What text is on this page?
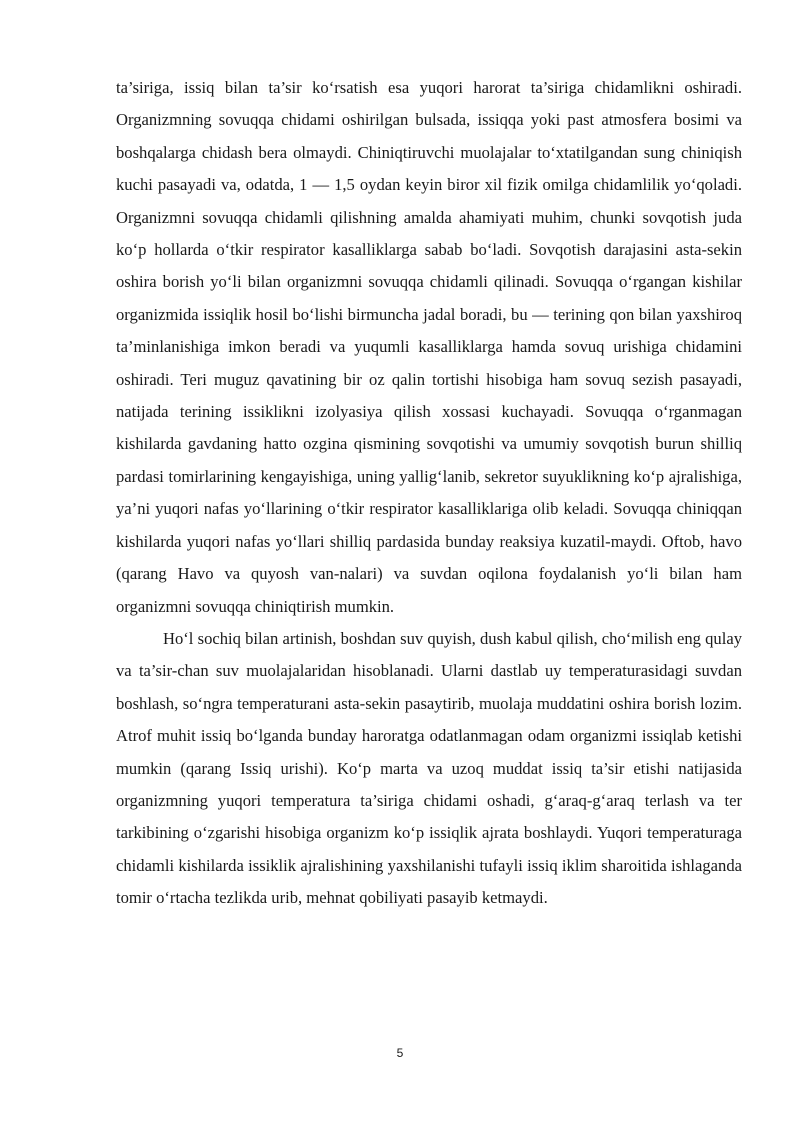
ta’siriga, issiq bilan ta’sir ko‘rsatish esa yuqori harorat ta’siriga chidamlikni oshiradi. Organizmning sovuqqa chidami oshirilgan bulsada, issiqqa yoki past atmosfera bosimi va boshqalarga chidash bera olmaydi. Chiniqtiruvchi muolajalar to‘xtatilgandan sung chiniqish kuchi pasayadi va, odatda, 1 — 1,5 oydan keyin biror xil fizik omilga chidamlilik yo‘qoladi. Organizmni sovuqqa chidamli qilishning amalda ahamiyati muhim, chunki sovqotish juda ko‘p hollarda o‘tkir respirator kasalliklarga sabab bo‘ladi. Sovqotish darajasini asta-sekin oshira borish yo‘li bilan organizmni sovuqqa chidamli qilinadi. Sovuqqa o‘rgangan kishilar organizmida issiqlik hosil bo‘lishi birmuncha jadal boradi, bu — terining qon bilan yaxshiroq ta’minlanishiga imkon beradi va yuqumli kasalliklarga hamda sovuq urishiga chidamini oshiradi. Teri muguz qavatining bir oz qalin tortishi hisobiga ham sovuq sezish pasayadi, natijada terining issiklikni izolyasiya qilish xossasi kuchayadi. Sovuqqa o‘rganmagan kishilarda gavdaning hatto ozgina qismining sovqotishi va umumiy sovqotish burun shilliq pardasi tomirlarining kengayishiga, uning yallig‘lanib, sekretor suyuklikning ko‘p ajralishiga, ya’ni yuqori nafas yo‘llarining o‘tkir respirator kasalliklariga olib keladi. Sovuqqa chiniqqan kishilarda yuqori nafas yo‘llari shilliq pardasida bunday reaksiya kuzatil-maydi. Oftob, havo (qarang Havo va quyosh van-nalari) va suvdan oqilona foydalanish yo‘li bilan ham organizmni sovuqqa chiniqtirish mumkin.

Ho‘l sochiq bilan artinish, boshdan suv quyish, dush kabul qilish, cho‘milish eng qulay va ta’sir-chan suv muolajalaridan hisoblanadi. Ularni dastlab uy temperaturasidagi suvdan boshlash, so‘ngra temperaturani asta-sekin pasaytirib, muolaja muddatini oshira borish lozim. Atrof muhit issiq bo‘lganda bunday haroratga odatlanmagan odam organizmi issiqlab ketishi mumkin (qarang Issiq urishi). Ko‘p marta va uzoq muddat issiq ta’sir etishi natijasida organizmning yuqori temperatura ta’siriga chidami oshadi, g‘araq-g‘araq terlash va ter tarkibining o‘zgarishi hisobiga organizm ko‘p issiqlik ajrata boshlaydi. Yuqori temperaturaga chidamli kishilarda issiklik ajralishining yaxshilanishi tufayli issiq iklim sharoitida ishlaganda tomir o‘rtacha tezlikda urib, mehnat qobiliyati pasayib ketmaydi.

5
